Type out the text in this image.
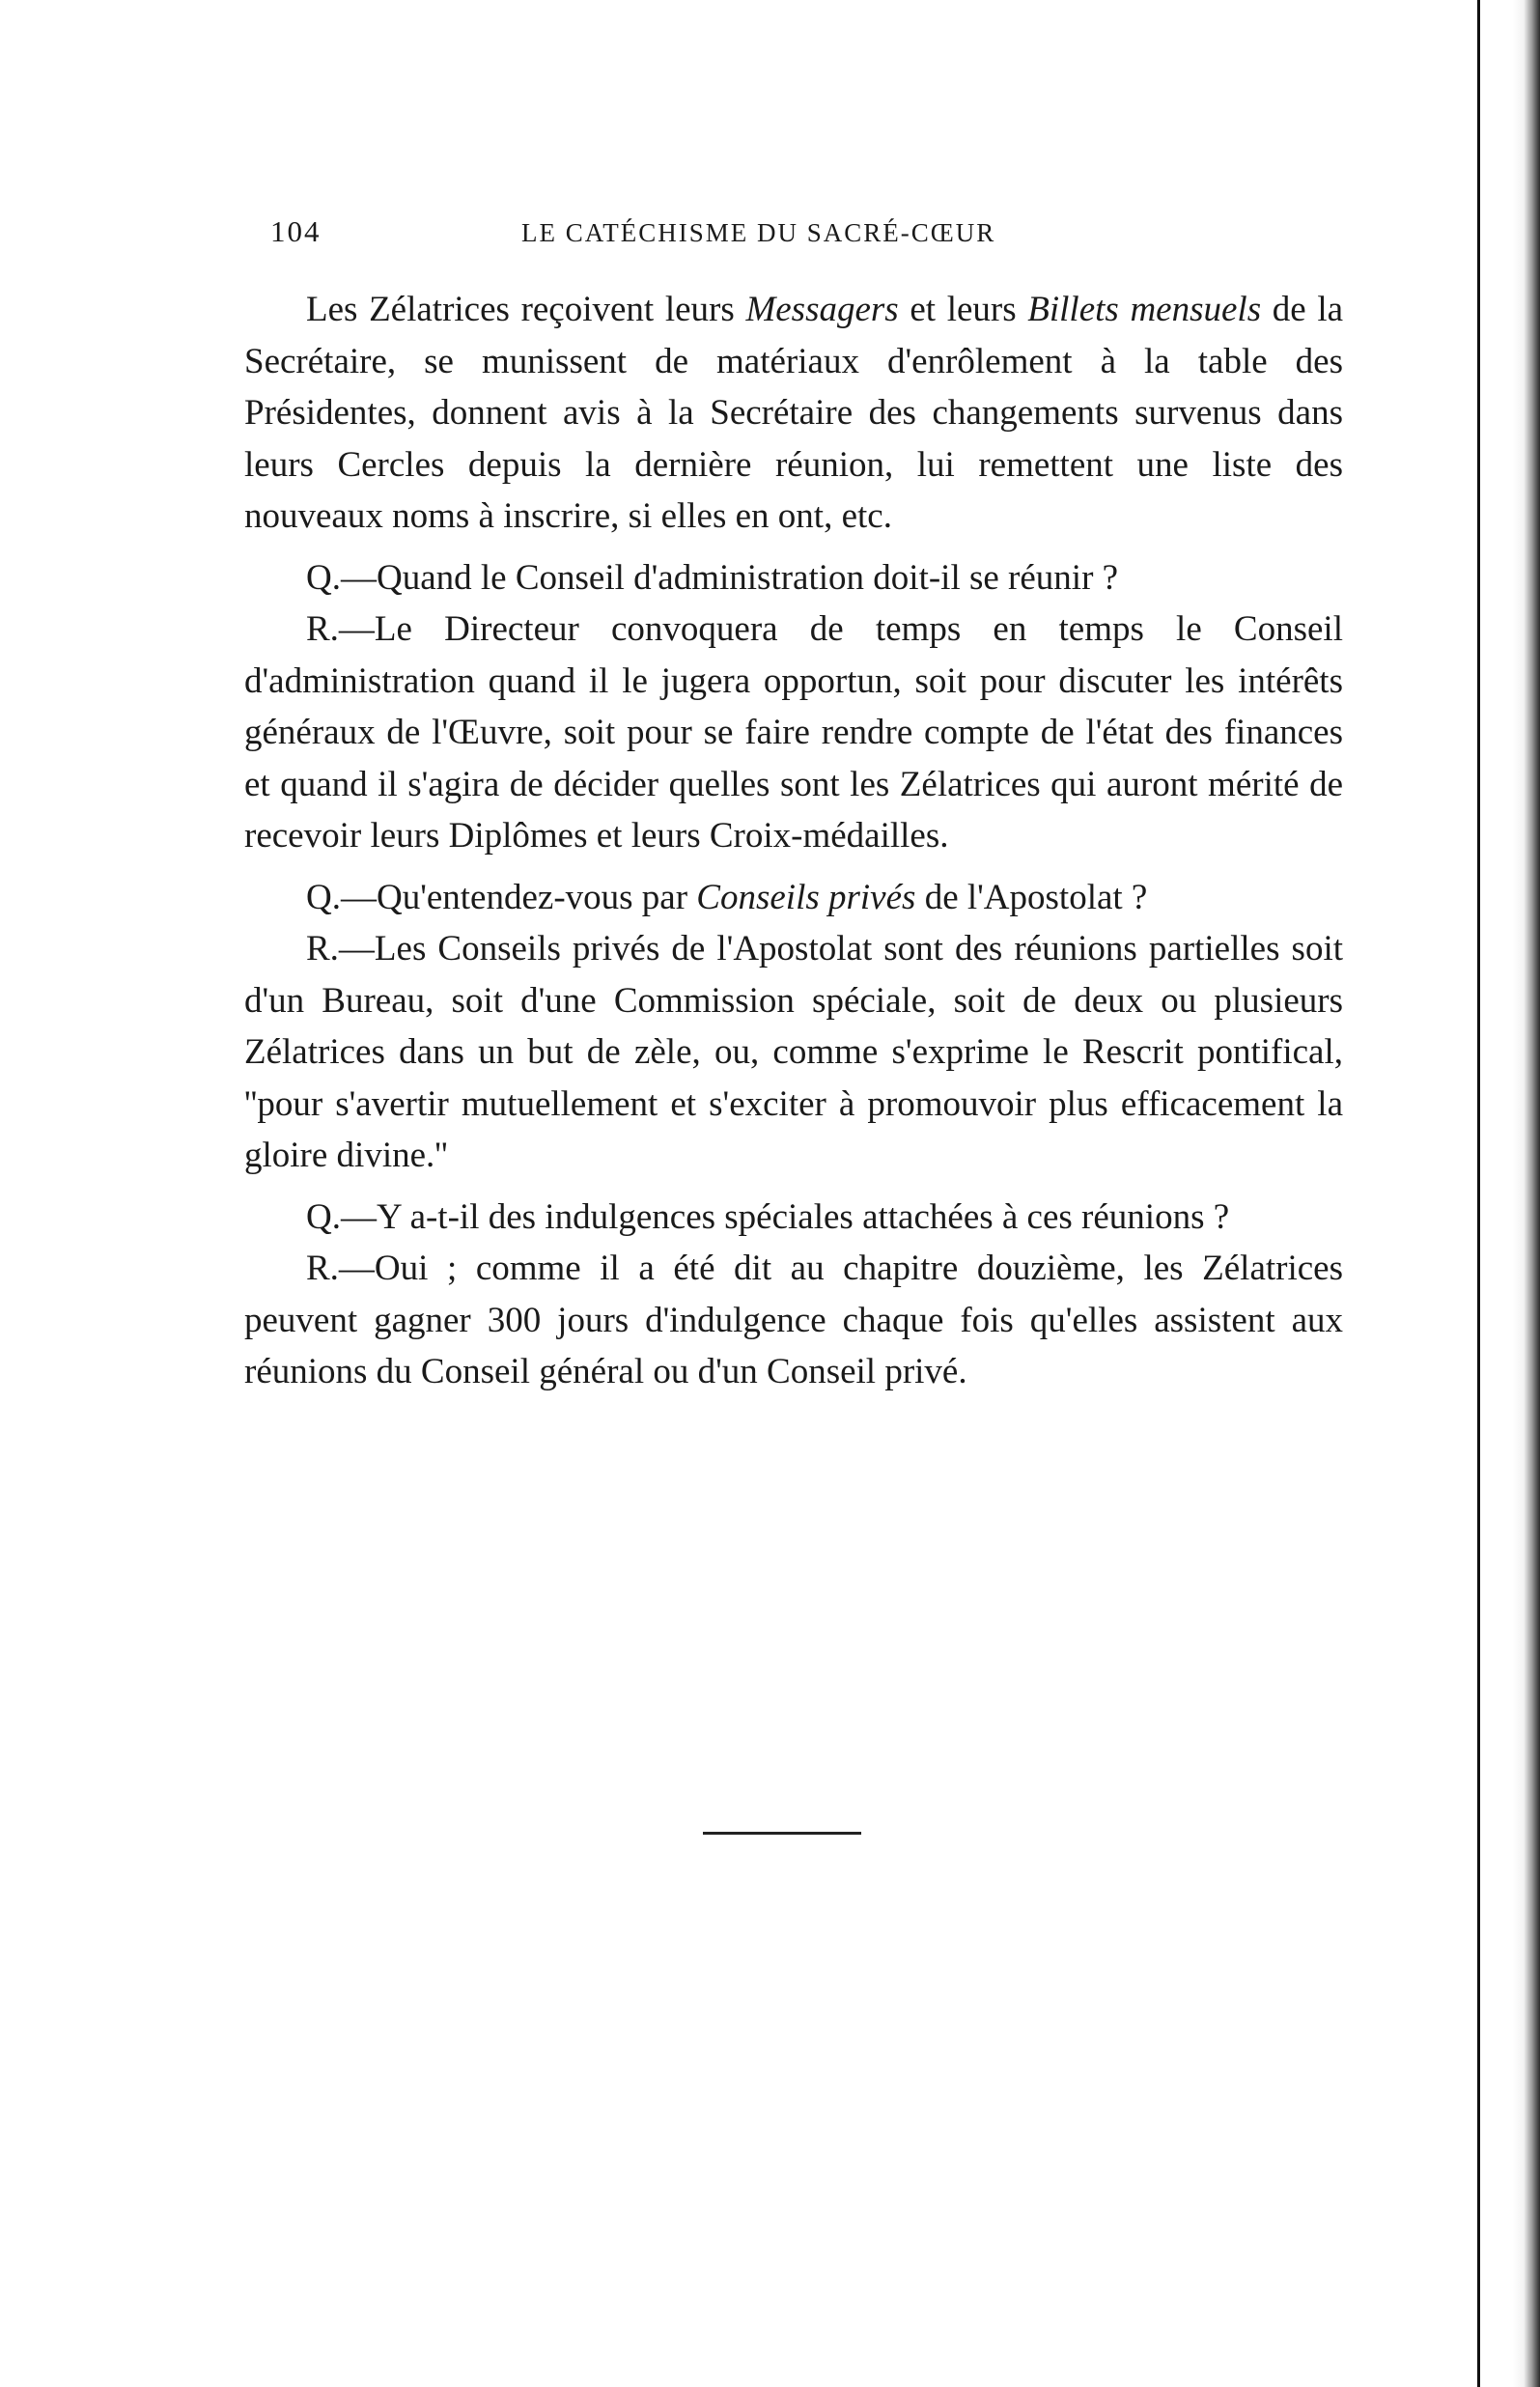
104	LE CATÉCHISME DU SACRÉ-CŒUR

Les Zélatrices reçoivent leurs Messagers et leurs Billets mensuels de la Secrétaire, se munissent de matériaux d'enrôlement à la table des Présidentes, donnent avis à la Secrétaire des changements survenus dans leurs Cercles depuis la dernière réunion, lui remettent une liste des nouveaux noms à inscrire, si elles en ont, etc.

Q.—Quand le Conseil d'administration doit-il se réunir ?

R.—Le Directeur convoquera de temps en temps le Conseil d'administration quand il le jugera opportun, soit pour discuter les intérêts généraux de l'Œuvre, soit pour se faire rendre compte de l'état des finances et quand il s'agira de décider quelles sont les Zélatrices qui auront mérité de recevoir leurs Diplômes et leurs Croix-médailles.

Q.—Qu'entendez-vous par Conseils privés de l'Apostolat ?

R.—Les Conseils privés de l'Apostolat sont des réunions partielles soit d'un Bureau, soit d'une Commission spéciale, soit de deux ou plusieurs Zélatrices dans un but de zèle, ou, comme s'exprime le Rescrit pontifical, ''pour s'avertir mutuellement et s'exciter à promouvoir plus efficacement la gloire divine.''

Q.—Y a-t-il des indulgences spéciales attachées à ces réunions ?

R.—Oui ; comme il a été dit au chapitre douzième, les Zélatrices peuvent gagner 300 jours d'indulgence chaque fois qu'elles assistent aux réunions du Conseil général ou d'un Conseil privé.
